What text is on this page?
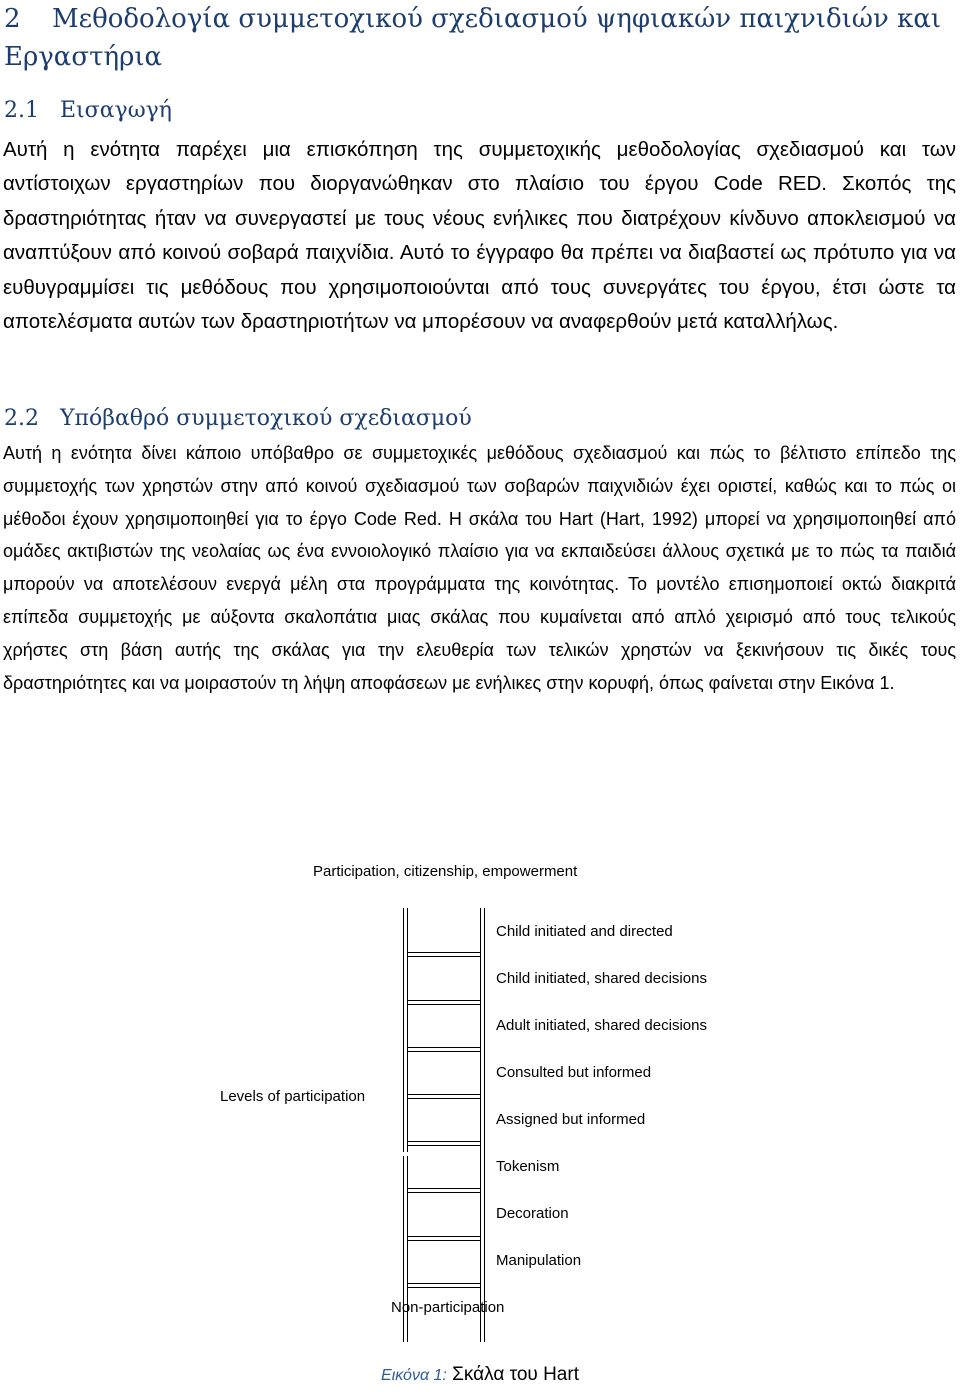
2 Μεθοδολογία συμμετοχικού σχεδιασμού ψηφιακών παιχνιδιών και Εργαστήρια
2.1 Εισαγωγή

Αυτή η ενότητα παρέχει μια επισκόπηση της συμμετοχικής μεθοδολογίας σχεδιασμού και των αντίστοιχων εργαστηρίων που διοργανώθηκαν στο πλαίσιο του έργου Code RED. Σκοπός της δραστηριότητας ήταν να συνεργαστεί με τους νέους ενήλικες που διατρέχουν κίνδυνο αποκλεισμού να αναπτύξουν από κοινού σοβαρά παιχνίδια. Αυτό το έγγραφο θα πρέπει να διαβαστεί ως πρότυπο για να ευθυγραμμίσει τις μεθόδους που χρησιμοποιούνται από τους συνεργάτες του έργου, έτσι ώστε τα αποτελέσματα αυτών των δραστηριοτήτων να μπορέσουν να αναφερθούν μετά καταλλήλως.

2.2 Υπόβαθρό συμμετοχικού σχεδιασμού

Αυτή η ενότητα δίνει κάποιο υπόβαθρο σε συμμετοχικές μεθόδους σχεδιασμού και πώς το βέλτιστο επίπεδο της συμμετοχής των χρηστών στην από κοινού σχεδιασμού των σοβαρών παιχνιδιών έχει οριστεί, καθώς και το πώς οι μέθοδοι έχουν χρησιμοποιηθεί για το έργο Code Red. Η σκάλα του Hart (Hart, 1992) μπορεί να χρησιμοποιηθεί από ομάδες ακτιβιστών της νεολαίας ως ένα εννοιολογικό πλαίσιο για να εκπαιδεύσει άλλους σχετικά με το πώς τα παιδιά μπορούν να αποτελέσουν ενεργά μέλη στα προγράμματα της κοινότητας. Το μοντέλο επισημοποιεί οκτώ διακριτά επίπεδα συμμετοχής με αύξοντα σκαλοπάτια μιας σκάλας που κυμαίνεται από απλό χειρισμό από τους τελικούς χρήστες στη βάση αυτής της σκάλας για την ελευθερία των τελικών χρηστών να ξεκινήσουν τις δικές τους δραστηριότητες και να μοιραστούν τη λήψη αποφάσεων με ενήλικες στην κορυφή, όπως φαίνεται στην Εικόνα 1.

Participation, citizenship, empowerment
Child initiated and directed
Child initiated, shared decisions
Adult initiated, shared decisions
Consulted but informed
Assigned but informed
Tokenism
Decoration
Manipulation
Levels of participation
Non-participation
Εικόνα 1: Σκάλα του Hart
